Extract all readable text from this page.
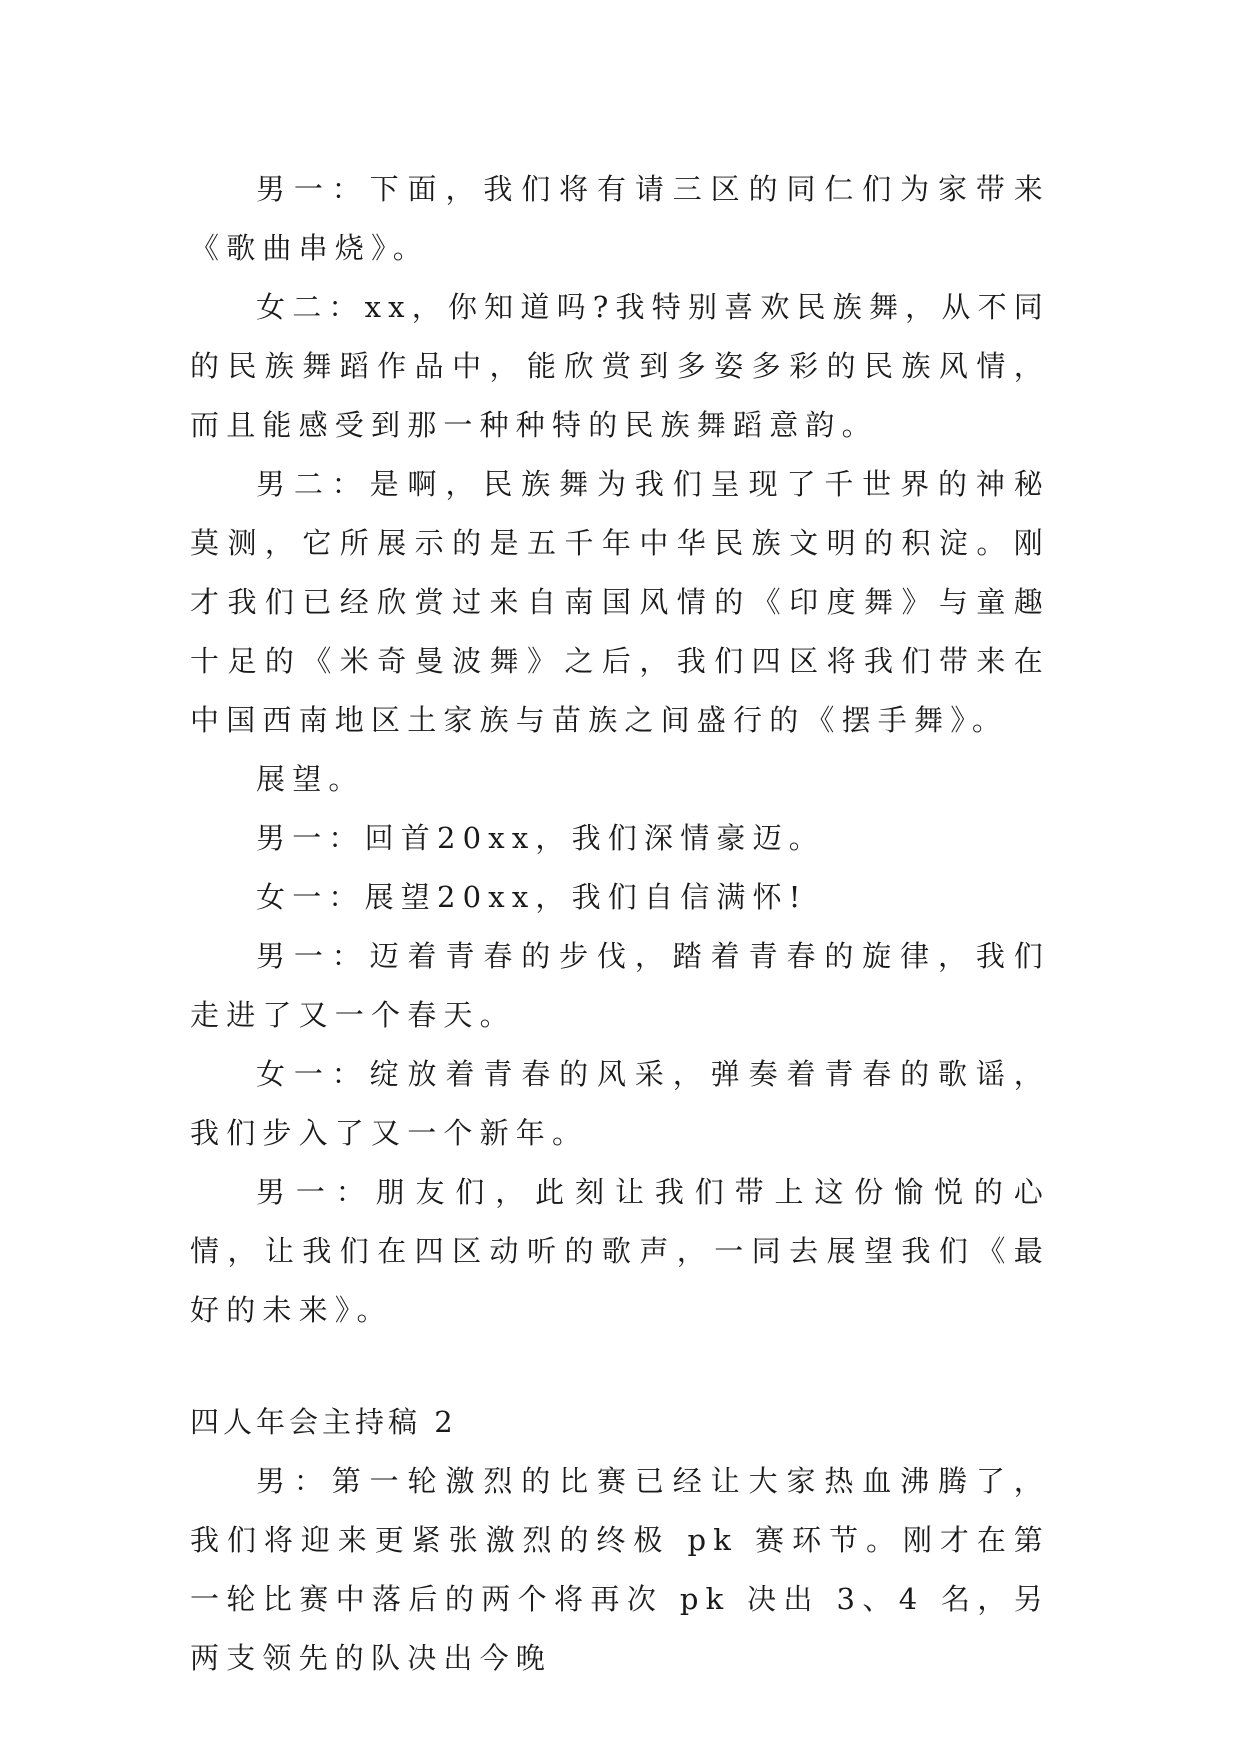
男一：下面，我们将有请三区的同仁们为家带来《歌曲串烧》。

女二：xx，你知道吗?我特别喜欢民族舞，从不同的民族舞蹈作品中，能欣赏到多姿多彩的民族风情，而且能感受到那一种种特的民族舞蹈意韵。

男二：是啊，民族舞为我们呈现了千世界的神秘莫测，它所展示的是五千年中华民族文明的积淀。刚才我们已经欣赏过来自南国风情的《印度舞》与童趣十足的《米奇曼波舞》之后，我们四区将我们带来在中国西南地区土家族与苗族之间盛行的《摆手舞》。

展望。

男一：回首20xx，我们深情豪迈。

女一：展望20xx，我们自信满怀!

男一：迈着青春的步伐，踏着青春的旋律，我们走进了又一个春天。

女一：绽放着青春的风采，弹奏着青春的歌谣，我们步入了又一个新年。

男一：朋友们，此刻让我们带上这份愉悦的心情，让我们在四区动听的歌声，一同去展望我们《最好的未来》。

四人年会主持稿 2

男：第一轮激烈的比赛已经让大家热血沸腾了，我们将迎来更紧张激烈的终极 pk 赛环节。刚才在第一轮比赛中落后的两个将再次 pk 决出 3、4 名，另两支领先的队决出今晚
